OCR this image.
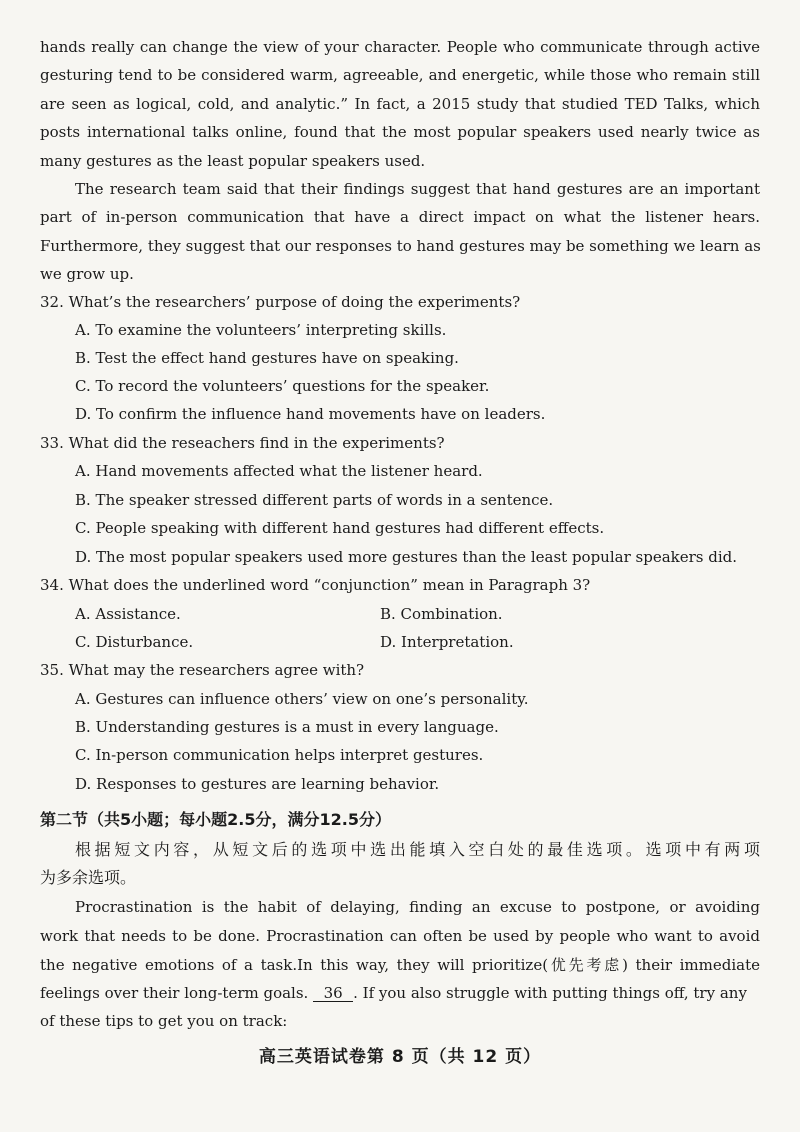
hands really can change the view of your character. People who communicate through active
gesturing tend to be considered warm, agreeable, and energetic, while those who remain still
are seen as logical, cold, and analytic.” In fact, a 2015 study that studied TED Talks, which
posts international talks online, found that the most popular speakers used nearly twice as
many gestures as the least popular speakers used.
The research team said that their findings suggest that hand gestures are an important
part of in-person communication that have a direct impact on what the listener hears.
Furthermore, they suggest that our responses to hand gestures may be something we learn as
we grow up.
32. What’s the researchers’ purpose of doing the experiments?
A. To examine the volunteers’ interpreting skills.
B. Test the effect hand gestures have on speaking.
C. To record the volunteers’ questions for the speaker.
D. To confirm the influence hand movements have on leaders.
33. What did the reseachers find in the experiments?
A. Hand movements affected what the listener heard.
B. The speaker stressed different parts of words in a sentence.
C. People speaking with different hand gestures had different effects.
D. The most popular speakers used more gestures than the least popular speakers did.
34. What does the underlined word “conjunction” mean in Paragraph 3?
A. Assistance.	B. Combination.
C. Disturbance.	D. Interpretation.
35. What may the researchers agree with?
A. Gestures can influence others’ view on one’s personality.
B. Understanding gestures is a must in every language.
C. In-person communication helps interpret gestures.
D. Responses to gestures are learning behavior.
第二节（共5小题；每小题2.5分，满分12.5分）
根据短文内容，从短文后的选项中选出能填入空白处的最佳选项。选项中有两项
为多余选项。
Procrastination is the habit of delaying, finding an excuse to postpone, or avoiding
work that needs to be done. Procrastination can often be used by people who want to avoid
the negative emotions of a task.In this way, they will prioritize(优先考虑) their immediate
feelings over their long-term goals. 36 . If you also struggle with putting things off, try any
of these tips to get you on track:
高三英语试卷第 8 页（共 12 页）
